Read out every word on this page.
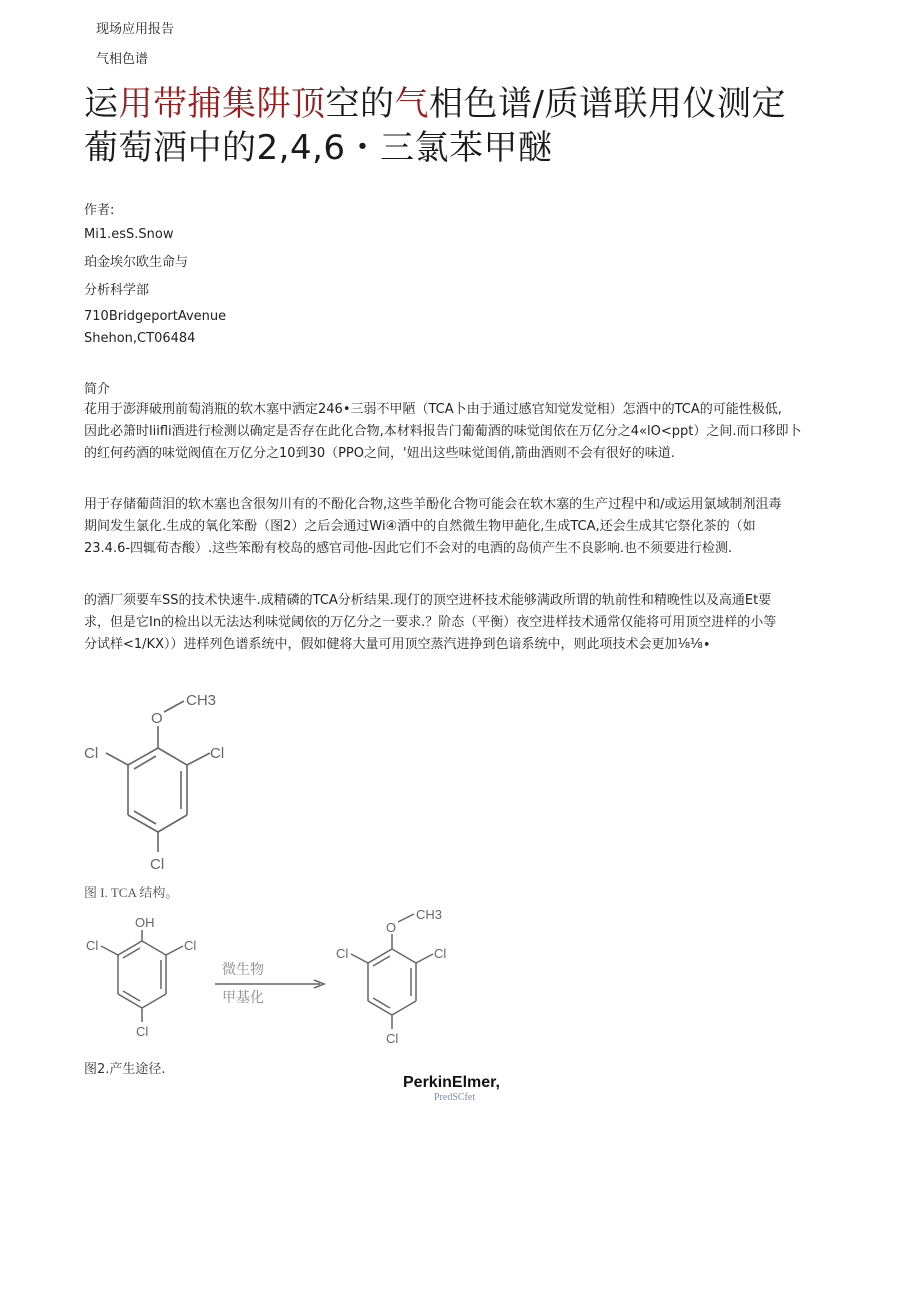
现场应用报告
气相色谱
运用带捕集阱顶空的气相色谱/质谱联用仪测定
葡萄酒中的2,4,6・三氯苯甲醚
作者:
Mi1.esS.Snow
珀金埃尔欧生命与
分析科学部
710BridgeportAvenue
Shehon,CT06484
简介
花用于澎湃破刑前萄消瓶的软木塞中洒定246•三弱不甲陋（TCA卜由于通过感官知觉发觉相）怎酒中的TCA的可能性极低,
因此必箫时liifli酒进行检测以确定是否存在此化合物,本材料报告门葡葡酒的味觉闺依在万亿分之4«lO<ppt）之间.而口移即卜
的红何药酒的味觉阀值在万亿分之10到30（PPO之间，'妞出这些味觉闺俏,箭曲酒则不会有很好的味道.
用于存储葡茴泪的软木塞也含很匆川有的不酚化合物,这些羊酚化合物可能会在软木塞的生产过程中和/或运用氯域制剂沮毒
期间发生氯化.生成的氧化笨酚（图2）之后会通过Wi④酒中的自然微生物甲葩化,生成TCA,还会生成其它祭化茶的（如
23.4.6-四辄荀杏酸）.这些笨酚有校岛的感官司他-因此它们不会对的电酒的岛侦产生不良影响.也不须要进行检测.
的酒厂须要车SS的技术快速牛.成精磷的TCA分析结果.现仃的顶空进杯技术能够满政所谓的轨前性和精晚性以及高通Et要
求，但是它In的检出以无法达利味觉阈依的万亿分之一要求.？阶态（平衡）夜空进样技术通常仅能将可用顶空进样的小等
分试样<1/KX））进样列色谱系统中，假如健将大量可用顶空蒸汽进挣到色谙系统中，则此项技术会更加⅛⅛∙
O
CH3
Cl	Cl
Cl
图 I. TCA 结构。
OH
Cl	Cl
Cl
O
CH3
Cl	Cl
Cl
微生物
甲基化
图2.产生途径.
PerkinElmer,
PredSCfet
